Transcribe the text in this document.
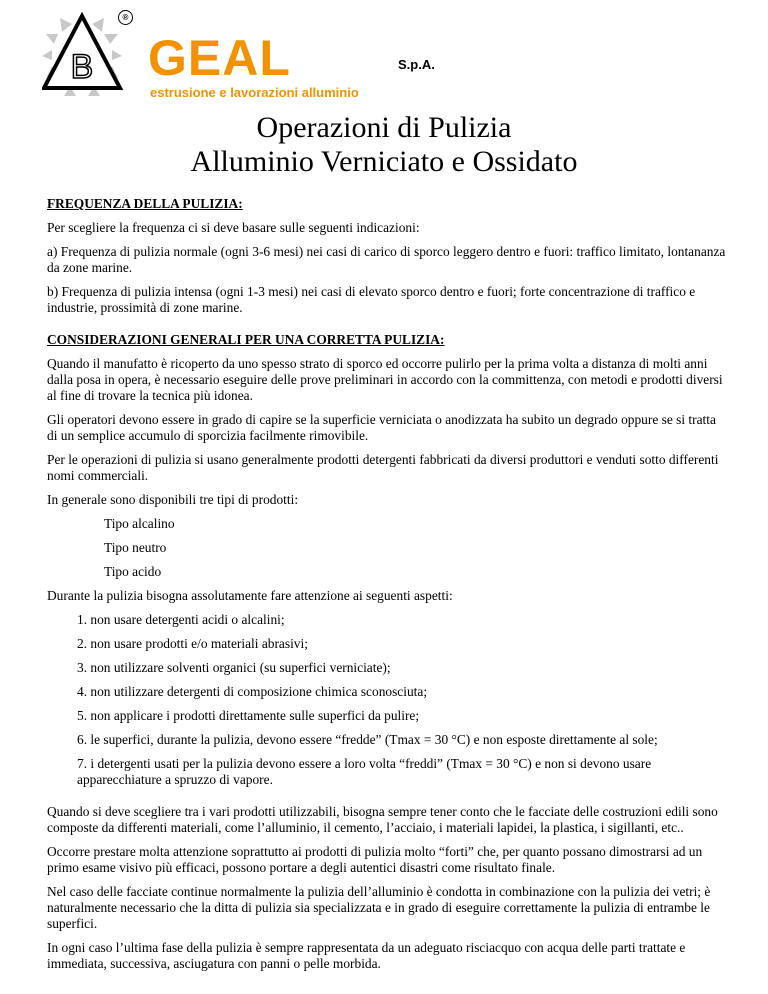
B
®
GEAL	S.p.A.
estrusione e lavorazioni alluminio
Operazioni di Pulizia
Alluminio Verniciato e Ossidato

FREQUENZA DELLA PULIZIA:

Per scegliere la frequenza ci si deve basare sulle seguenti indicazioni:

a) Frequenza di pulizia normale (ogni 3-6 mesi) nei casi di carico di sporco leggero dentro e fuori: traffico limitato, lontananza da zone marine.

b) Frequenza di pulizia intensa (ogni 1-3 mesi) nei casi di elevato sporco dentro e fuori; forte concentrazione di traffico e industrie, prossimità di zone marine.

CONSIDERAZIONI GENERALI PER UNA CORRETTA PULIZIA:

Quando il manufatto è ricoperto da uno spesso strato di sporco ed occorre pulirlo per la prima volta a distanza di molti anni dalla posa in opera, è necessario eseguire delle prove preliminari in accordo con la committenza, con metodi e prodotti diversi al fine di trovare la tecnica più idonea.

Gli operatori devono essere in grado di capire se la superficie verniciata o anodizzata ha subito un degrado oppure se si tratta di un semplice accumulo di sporcizia facilmente rimovibile.

Per le operazioni di pulizia si usano generalmente prodotti detergenti fabbricati da diversi produttori e venduti sotto differenti nomi commerciali.

In generale sono disponibili tre tipi di prodotti:

Tipo alcalino

Tipo neutro

Tipo acido

Durante la pulizia bisogna assolutamente fare attenzione ai seguenti aspetti:

1. non usare detergenti acidi o alcalini;

2. non usare prodotti e/o materiali abrasivi;

3. non utilizzare solventi organici (su superfici verniciate);

4. non utilizzare detergenti di composizione chimica sconosciuta;

5. non applicare i prodotti direttamente sulle superfici da pulire;

6. le superfici, durante la pulizia, devono essere “fredde” (Tmax = 30 °C) e non esposte direttamente al sole;

7. i detergenti usati per la pulizia devono essere a loro volta “freddi” (Tmax = 30 °C) e non si devono usare apparecchiature a spruzzo di vapore.

Quando si deve scegliere tra i vari prodotti utilizzabili, bisogna sempre tener conto che le facciate delle costruzioni edili sono composte da differenti materiali, come l’alluminio, il cemento, l’acciaio, i materiali lapidei, la plastica, i sigillanti, etc..

Occorre prestare molta attenzione soprattutto ai prodotti di pulizia molto “forti” che, per quanto possano dimostrarsi ad un primo esame visivo più efficaci, possono portare a degli autentici disastri come risultato finale.

Nel caso delle facciate continue normalmente la pulizia dell’alluminio è condotta in combinazione con la pulizia dei vetri; è naturalmente necessario che la ditta di pulizia sia specializzata e in grado di eseguire correttamente la pulizia di entrambe le superfici.

In ogni caso l’ultima fase della pulizia è sempre rappresentata da un adeguato risciacquo con acqua delle parti trattate e immediata, successiva, asciugatura con panni o pelle morbida.
